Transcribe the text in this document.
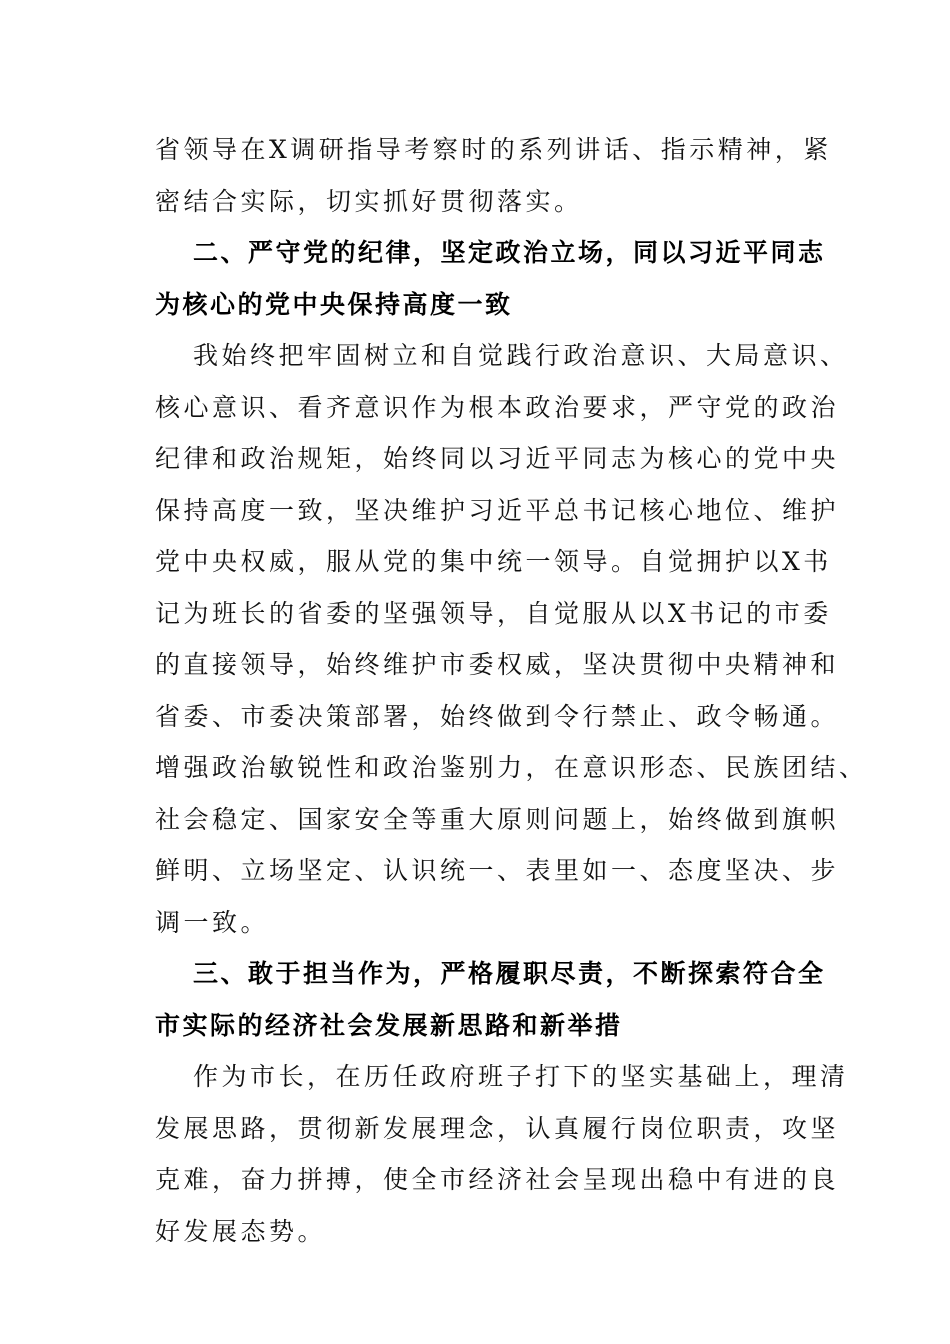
省领导在X调研指导考察时的系列讲话、指示精神，紧
密结合实际，切实抓好贯彻落实。
二、严守党的纪律，坚定政治立场，同以习近平同志
为核心的党中央保持高度一致
我始终把牢固树立和自觉践行政治意识、大局意识、
核心意识、看齐意识作为根本政治要求，严守党的政治
纪律和政治规矩，始终同以习近平同志为核心的党中央
保持高度一致，坚决维护习近平总书记核心地位、维护
党中央权威，服从党的集中统一领导。自觉拥护以X书
记为班长的省委的坚强领导，自觉服从以X书记的市委
的直接领导，始终维护市委权威，坚决贯彻中央精神和
省委、市委决策部署，始终做到令行禁止、政令畅通。
增强政治敏锐性和政治鉴别力，在意识形态、民族团结、
社会稳定、国家安全等重大原则问题上，始终做到旗帜
鲜明、立场坚定、认识统一、表里如一、态度坚决、步
调一致。
三、敢于担当作为，严格履职尽责，不断探索符合全
市实际的经济社会发展新思路和新举措
作为市长，在历任政府班子打下的坚实基础上，理清
发展思路，贯彻新发展理念，认真履行岗位职责，攻坚
克难，奋力拼搏，使全市经济社会呈现出稳中有进的良
好发展态势。
